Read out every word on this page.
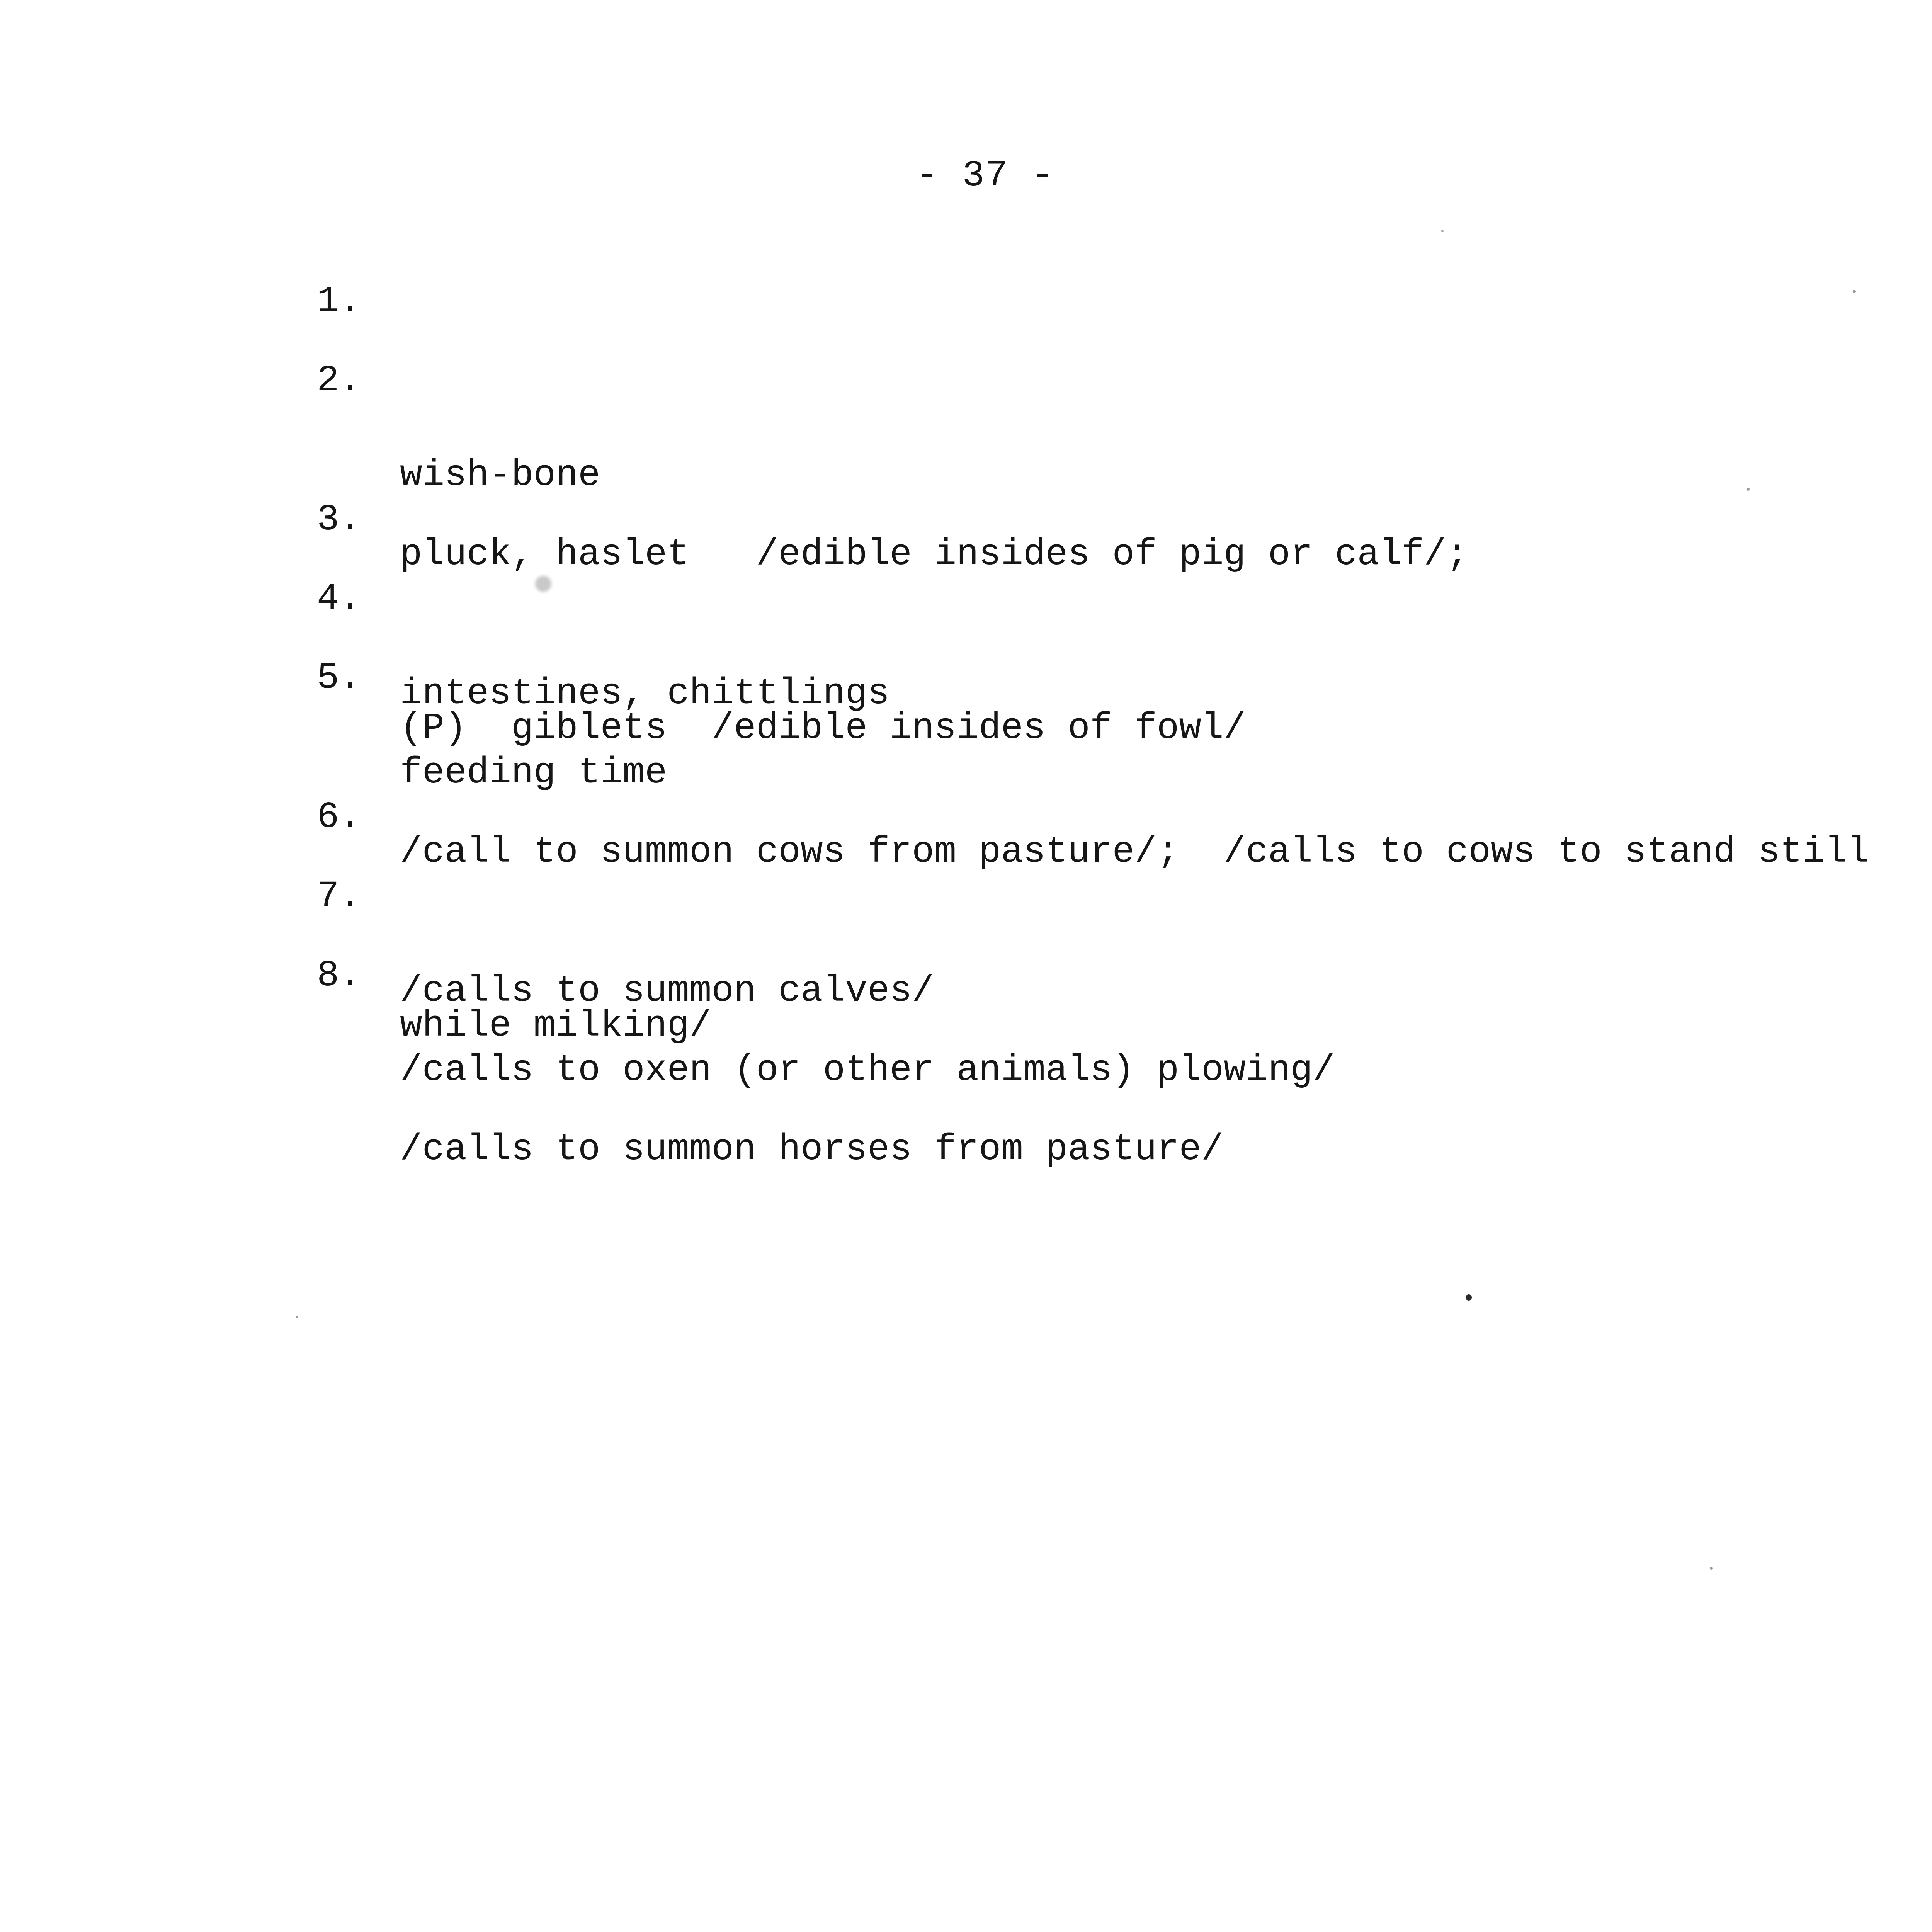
- 37 -

1.

wish-bone

2.

pluck, haslet   /edible insides of pig or calf/;

(P)  giblets  /edible insides of fowl/

3.

intestines, chittlings

4.

feeding time

5.

/call to summon cows from pasture/;  /calls to cows to stand still

while milking/

6.

/calls to summon calves/

7.

/calls to oxen (or other animals) plowing/

8.

/calls to summon horses from pasture/
